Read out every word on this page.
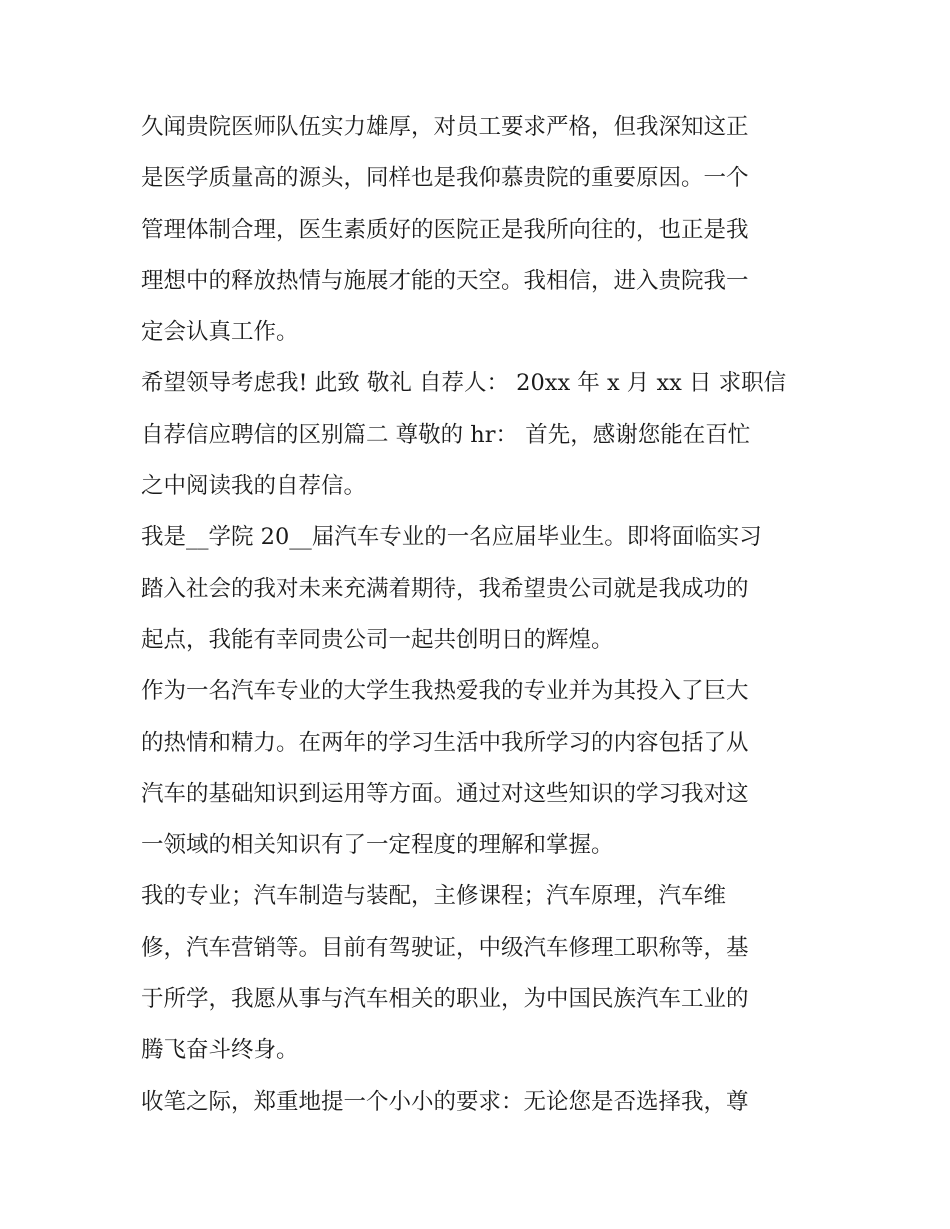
久闻贵院医师队伍实力雄厚，对员工要求严格，但我深知这正
是医学质量高的源头，同样也是我仰慕贵院的重要原因。一个
管理体制合理，医生素质好的医院正是我所向往的，也正是我
理想中的释放热情与施展才能的天空。我相信，进入贵院我一
定会认真工作。
希望领导考虑我! 此致 敬礼 自荐人： 20xx 年 x 月 xx 日 求职信
自荐信应聘信的区别篇二 尊敬的 hr： 首先，感谢您能在百忙
之中阅读我的自荐信。
我是__学院 20__届汽车专业的一名应届毕业生。即将面临实习
踏入社会的我对未来充满着期待，我希望贵公司就是我成功的
起点，我能有幸同贵公司一起共创明日的辉煌。
作为一名汽车专业的大学生我热爱我的专业并为其投入了巨大
的热情和精力。在两年的学习生活中我所学习的内容包括了从
汽车的基础知识到运用等方面。通过对这些知识的学习我对这
一领域的相关知识有了一定程度的理解和掌握。
我的专业；汽车制造与装配，主修课程；汽车原理，汽车维
修，汽车营销等。目前有驾驶证，中级汽车修理工职称等，基
于所学，我愿从事与汽车相关的职业，为中国民族汽车工业的
腾飞奋斗终身。
收笔之际，郑重地提一个小小的要求：无论您是否选择我，尊
